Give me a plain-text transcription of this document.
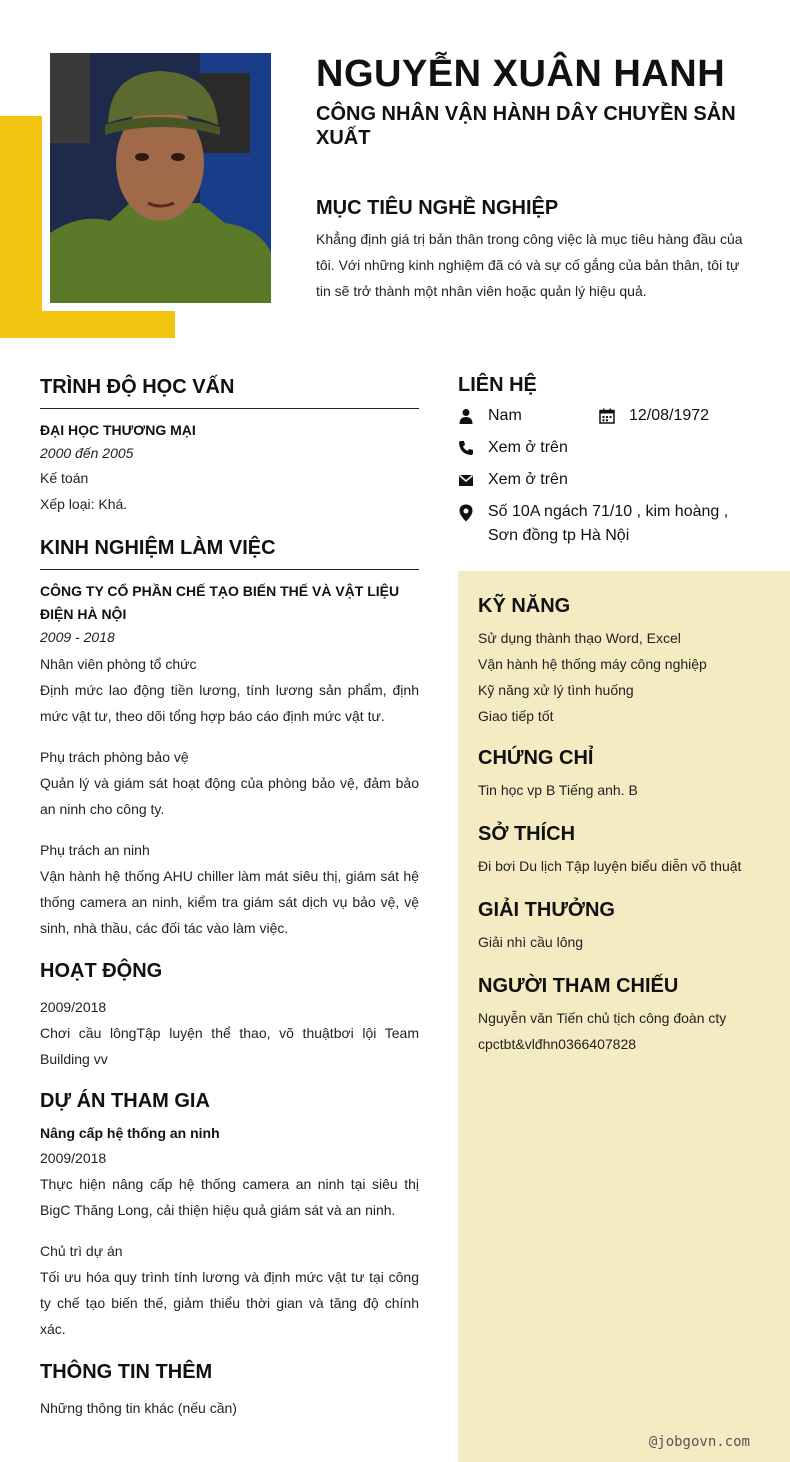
NGUYỄN XUÂN HANH
CÔNG NHÂN VẬN HÀNH DÂY CHUYỀN SẢN XUẤT
MỤC TIÊU NGHỀ NGHIỆP

Khẳng định giá trị bản thân trong công việc là mục tiêu hàng đầu của tôi. Với những kinh nghiệm đã có và sự cố gắng của bản thân, tôi tự tin sẽ trở thành một nhân viên hoặc quản lý hiệu quả.

TRÌNH ĐỘ HỌC VẤN
ĐẠI HỌC THƯƠNG MẠI
2000 đến 2005
Kế toán
Xếp loại: Khá.
KINH NGHIỆM LÀM VIỆC
CÔNG TY CỔ PHẦN CHẾ TẠO BIẾN THẾ VÀ VẬT LIỆU ĐIỆN HÀ NỘI
2009 - 2018
Nhân viên phòng tổ chức
Định mức lao động tiền lương, tính lương sản phẩm, định mức vật tư, theo dõi tổng hợp báo cáo định mức vật tư.
Phụ trách phòng bảo vệ
Quản lý và giám sát hoạt động của phòng bảo vệ, đảm bảo an ninh cho công ty.
Phụ trách an ninh
Vận hành hệ thống AHU chiller làm mát siêu thị, giám sát hệ thống camera an ninh, kiểm tra giám sát dịch vụ bảo vệ, vệ sinh, nhà thầu, các đối tác vào làm việc.
HOẠT ĐỘNG
2009/2018
Chơi cầu lôngTập luyện thể thao, võ thuậtbơi lội Team Building vv
DỰ ÁN THAM GIA
Nâng cấp hệ thống an ninh
2009/2018
Thực hiện nâng cấp hệ thống camera an ninh tại siêu thị BigC Thăng Long, cải thiện hiệu quả giám sát và an ninh.
Chủ trì dự án
Tối ưu hóa quy trình tính lương và định mức vật tư tại công ty chế tạo biến thế, giảm thiểu thời gian và tăng độ chính xác.
THÔNG TIN THÊM
Những thông tin khác (nếu cần)
LIÊN HỆ
Nam	12/08/1972
Xem ở trên
Xem ở trên
Số 10A ngách 71/10 , kim hoàng , Sơn đồng tp Hà Nội
KỸ NĂNG
Sử dụng thành thạo Word, Excel
Vận hành hệ thống máy công nghiệp
Kỹ năng xử lý tình huống
Giao tiếp tốt
CHỨNG CHỈ
Tin học vp B Tiếng anh. B
SỞ THÍCH
Đi bơi Du lịch Tập luyện biểu diễn võ thuật
GIẢI THƯỞNG
Giải nhì cầu lông
NGƯỜI THAM CHIẾU
Nguyễn văn Tiến chủ tịch công đoàn cty cpctbt&vlđhn0366407828
@jobgovn.com
